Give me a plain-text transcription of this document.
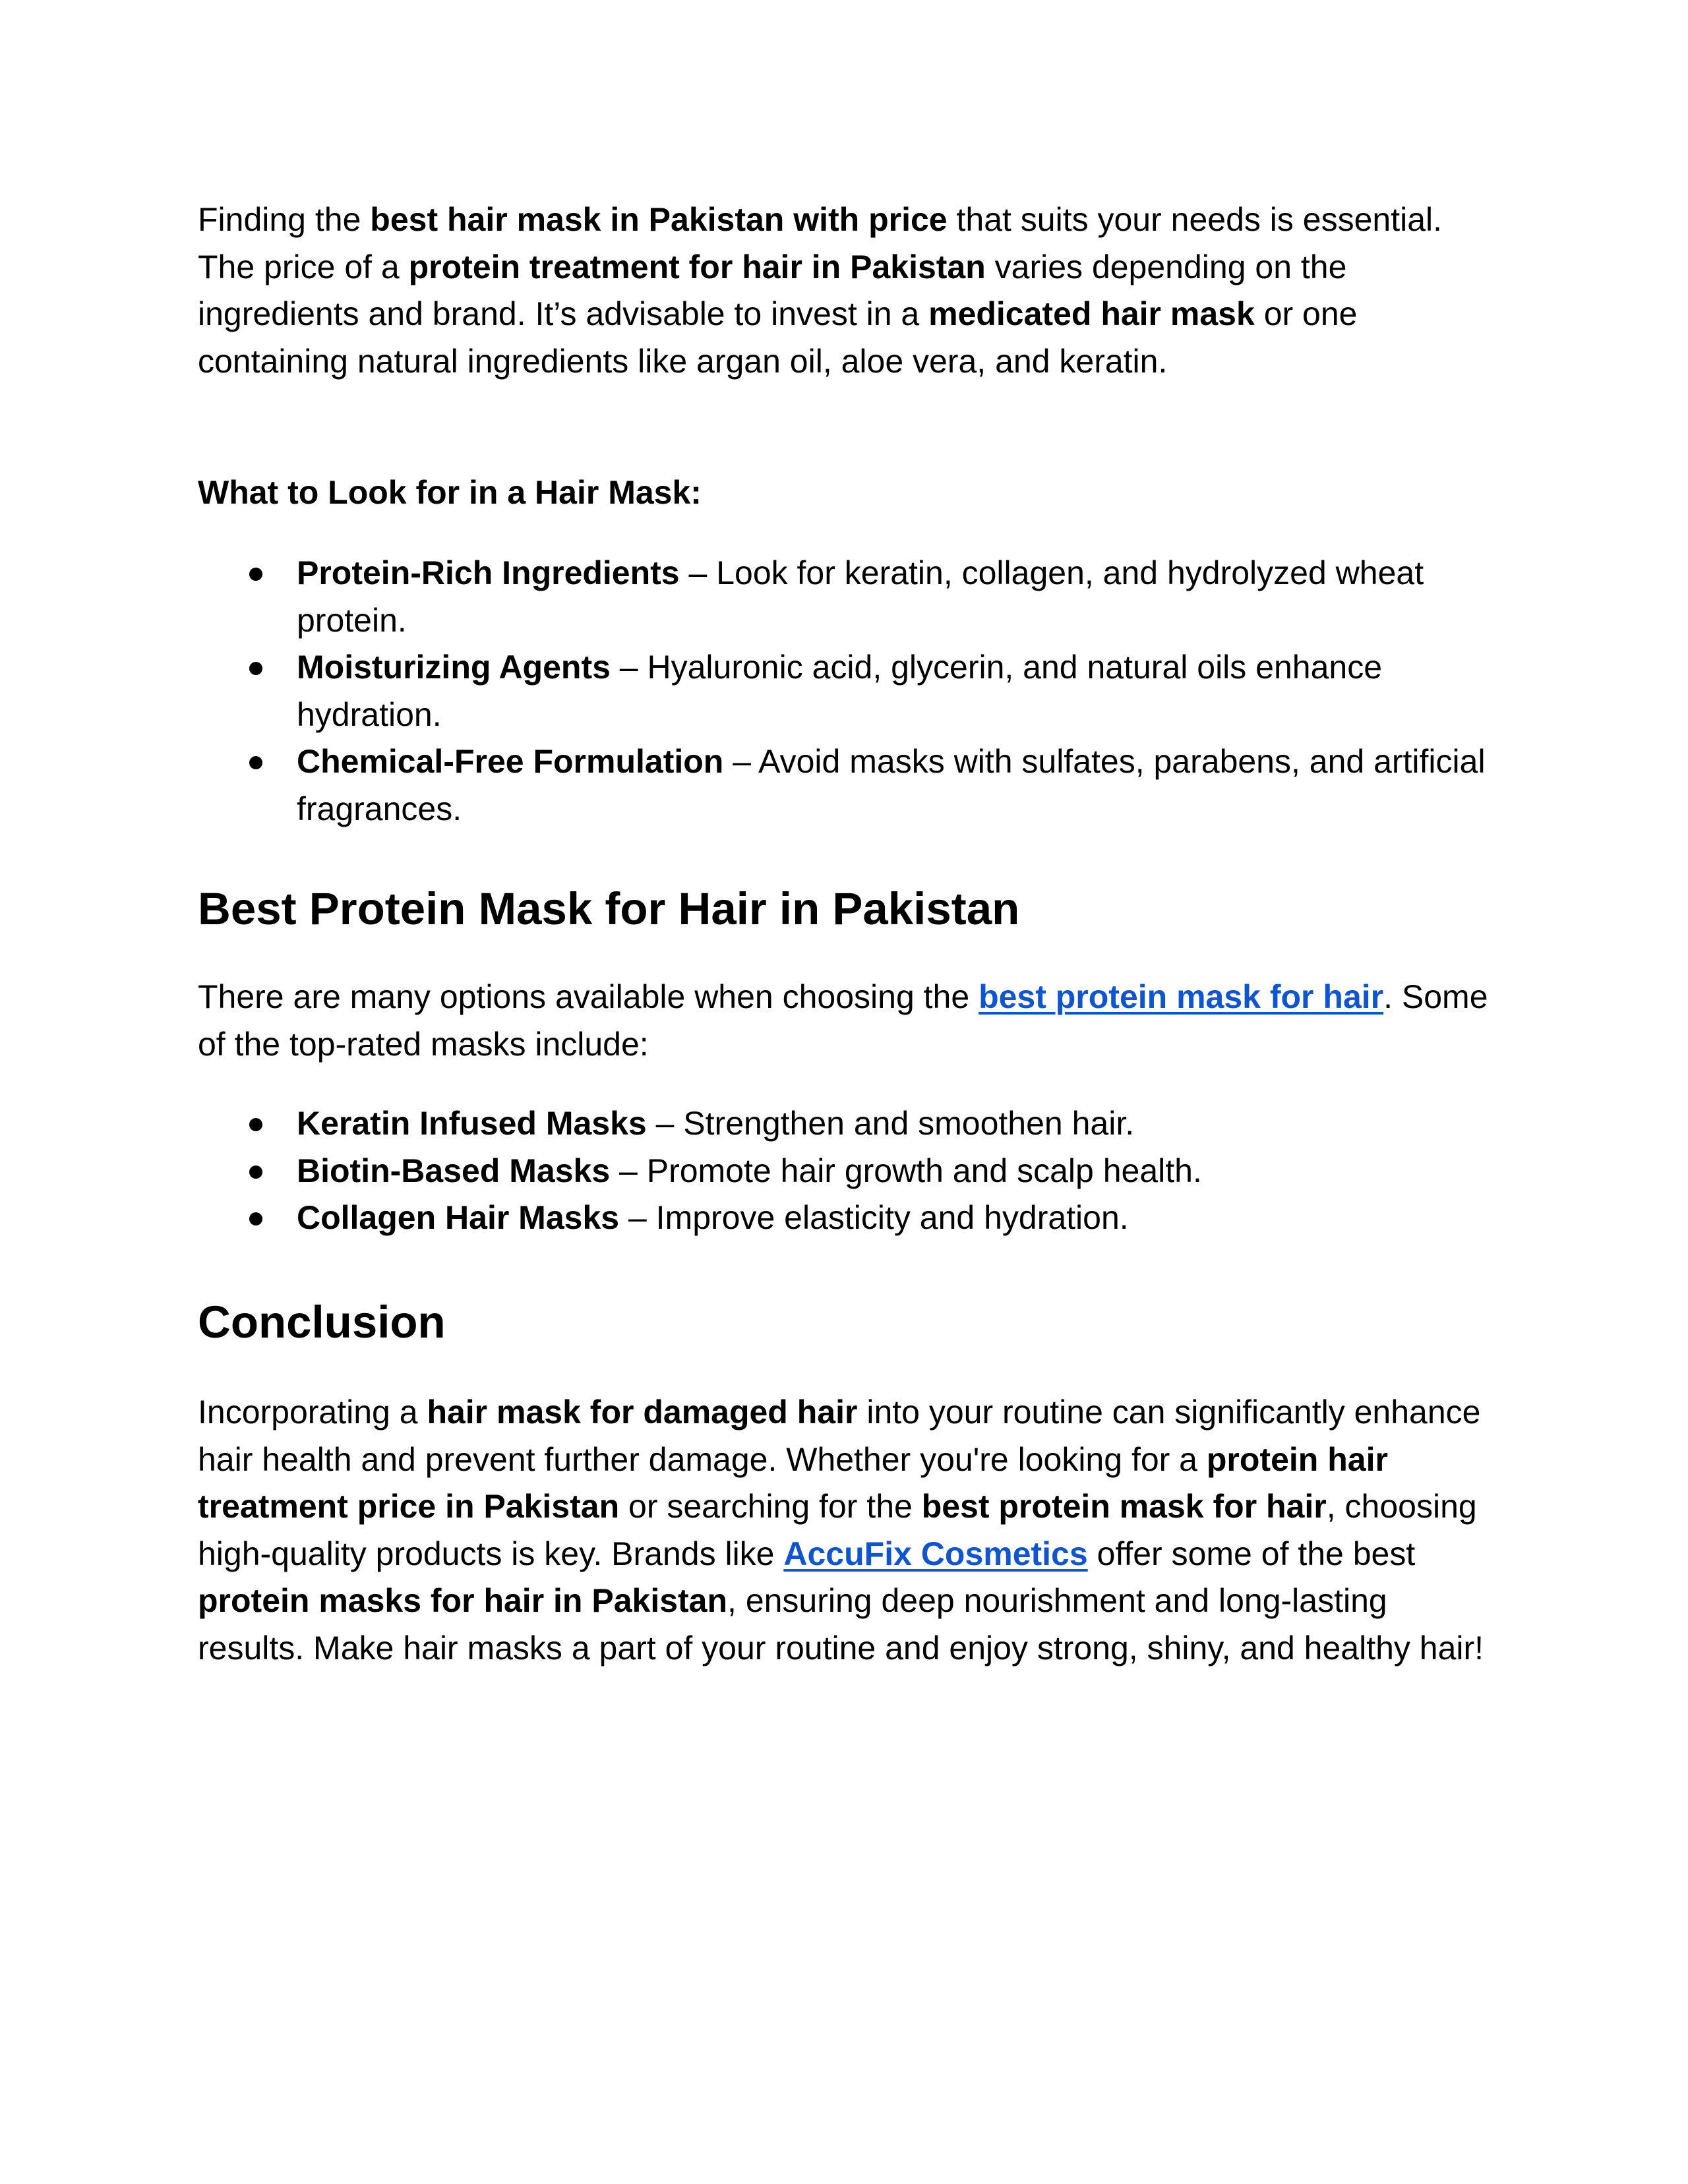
Finding the best hair mask in Pakistan with price that suits your needs is essential. The price of a protein treatment for hair in Pakistan varies depending on the ingredients and brand. It’s advisable to invest in a medicated hair mask or one containing natural ingredients like argan oil, aloe vera, and keratin.

What to Look for in a Hair Mask:

Protein-Rich Ingredients – Look for keratin, collagen, and hydrolyzed wheat protein.
Moisturizing Agents – Hyaluronic acid, glycerin, and natural oils enhance hydration.
Chemical-Free Formulation – Avoid masks with sulfates, parabens, and artificial fragrances.
Best Protein Mask for Hair in Pakistan

There are many options available when choosing the best protein mask for hair. Some of the top-rated masks include:

Keratin Infused Masks – Strengthen and smoothen hair.
Biotin-Based Masks – Promote hair growth and scalp health.
Collagen Hair Masks – Improve elasticity and hydration.
Conclusion

Incorporating a hair mask for damaged hair into your routine can significantly enhance hair health and prevent further damage. Whether you're looking for a protein hair treatment price in Pakistan or searching for the best protein mask for hair, choosing high-quality products is key. Brands like AccuFix Cosmetics offer some of the best protein masks for hair in Pakistan, ensuring deep nourishment and long-lasting results. Make hair masks a part of your routine and enjoy strong, shiny, and healthy hair!
